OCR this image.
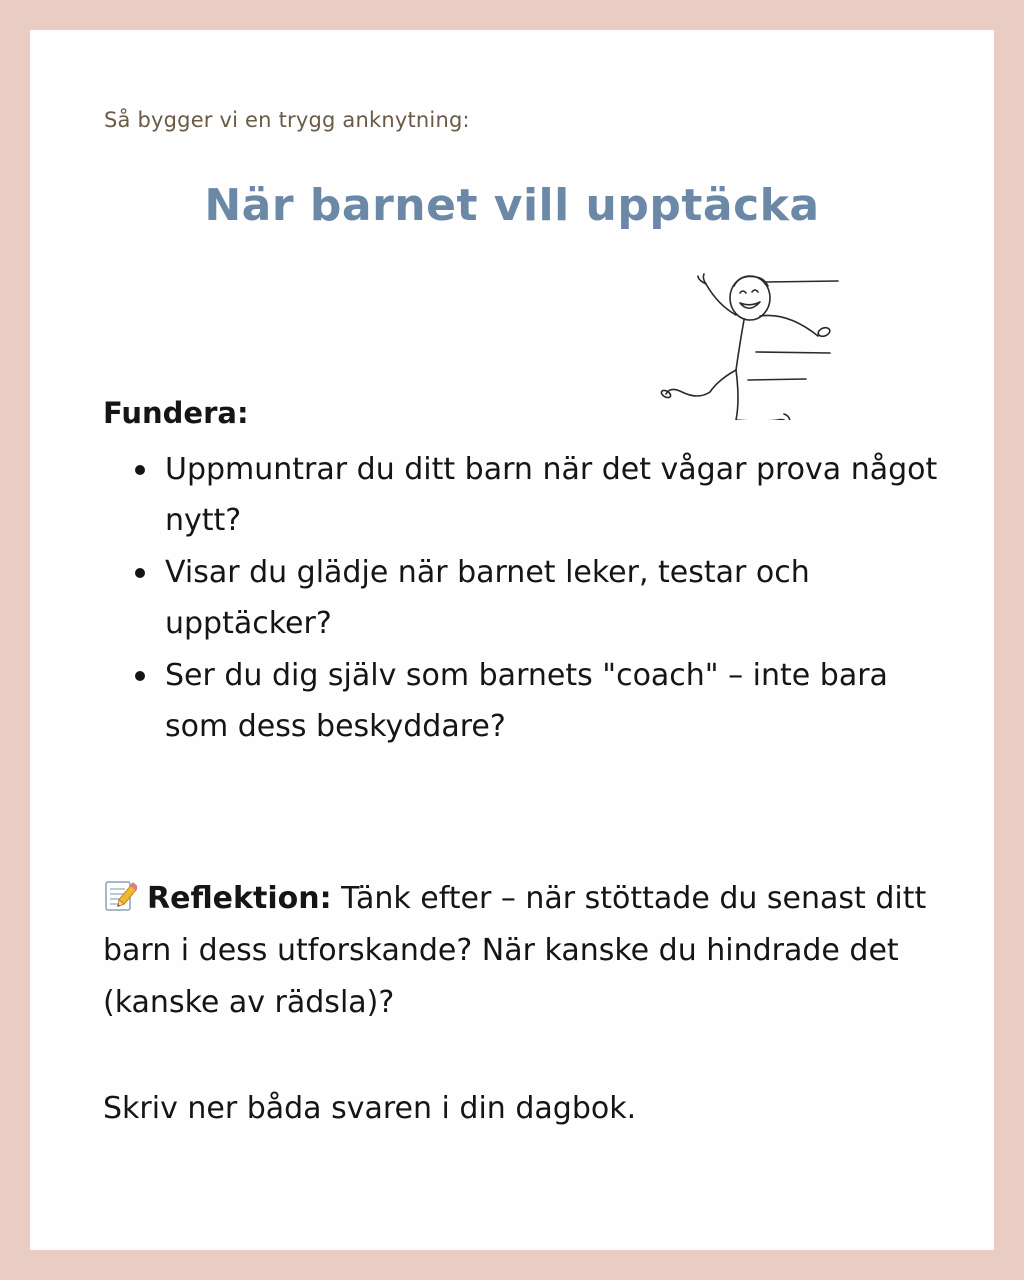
Så bygger vi en trygg anknytning:
När barnet vill upptäcka
Fundera:
Uppmuntrar du ditt barn när det vågar prova något nytt?
Visar du glädje när barnet leker, testar och upptäcker?
Ser du dig själv som barnets "coach" – inte bara som dess beskyddare?
Reflektion: Tänk efter – när stöttade du senast ditt barn i dess utforskande? När kanske du hindrade det (kanske av rädsla)?
Skriv ner båda svaren i din dagbok.
